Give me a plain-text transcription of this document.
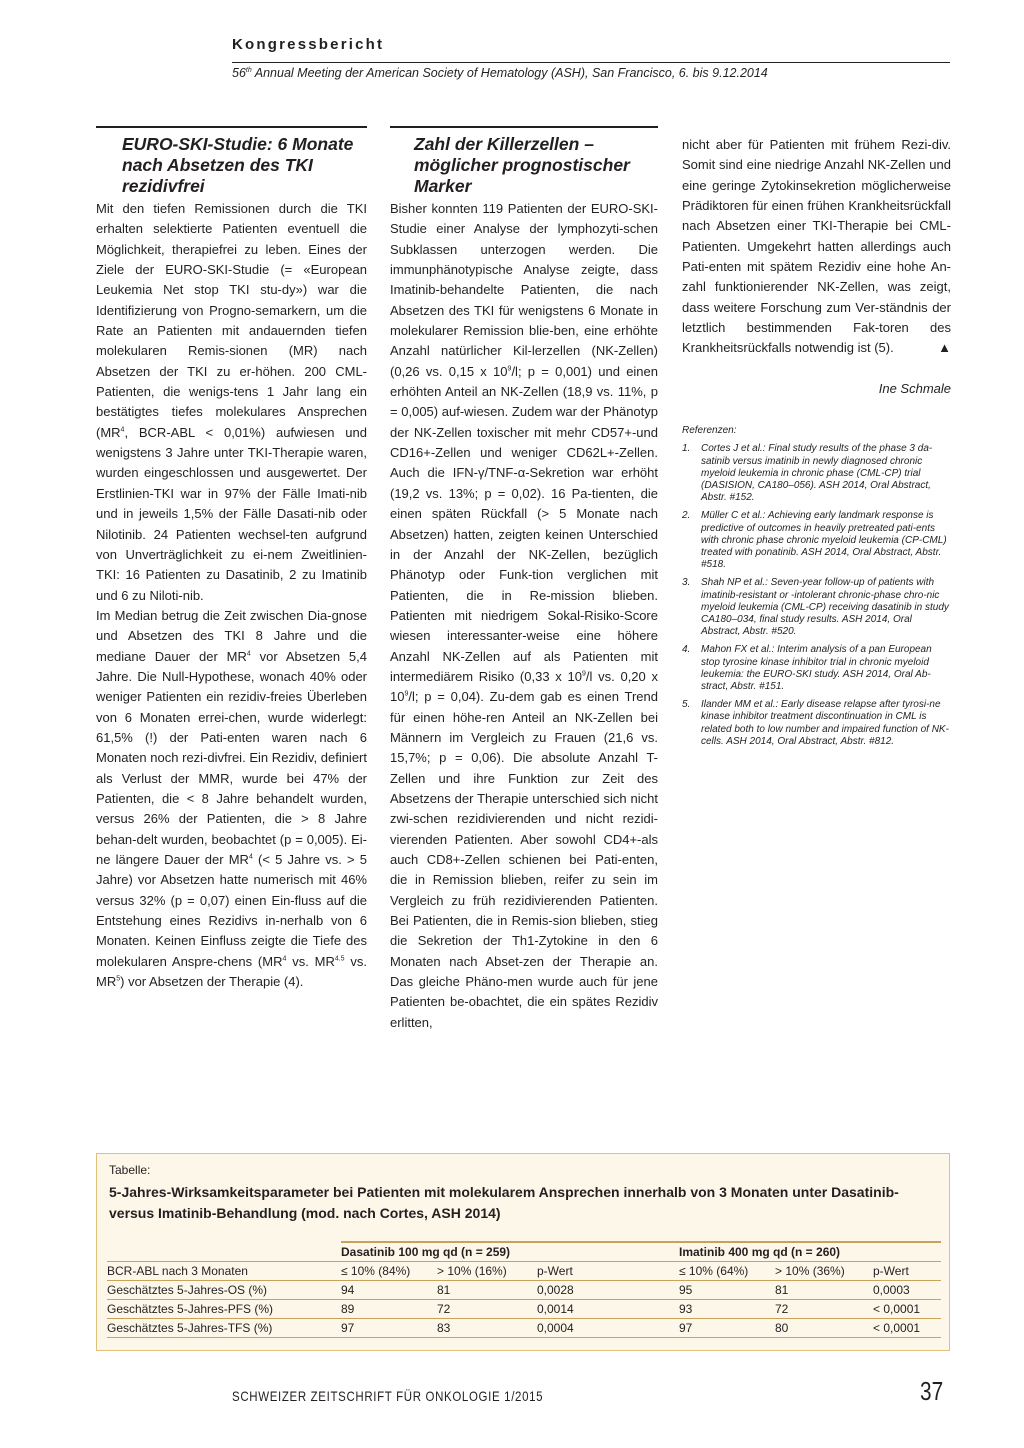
Kongressbericht
56th Annual Meeting der American Society of Hematology (ASH), San Francisco, 6. bis 9.12.2014
EURO-SKI-Studie: 6 Monate nach Absetzen des TKI rezidivfrei

Mit den tiefen Remissionen durch die TKI erhalten selektierte Patienten eventuell die Möglichkeit, therapiefrei zu leben. Eines der Ziele der EURO-SKI-Studie (= «European Leukemia Net stop TKI stu-dy») war die Identifizierung von Progno-semarkern, um die Rate an Patienten mit andauernden tiefen molekularen Remis-sionen (MR) nach Absetzen der TKI zu er-höhen. 200 CML-Patienten, die wenigs-tens 1 Jahr lang ein bestätigtes tiefes molekulares Ansprechen ($MR^4$, BCR-ABL < 0,01%) aufwiesen und wenigstens 3 Jahre unter TKI-Therapie waren, wurden eingeschlossen und ausgewertet. Der Erstlinien-TKI war in 97% der Fälle Imati-nib und in jeweils 1,5% der Fälle Dasati-nib oder Nilotinib. 24 Patienten wechsel-ten aufgrund von Unverträglichkeit zu ei-nem Zweitlinien-TKI: 16 Patienten zu Dasatinib, 2 zu Imatinib und 6 zu Niloti-nib.

Im Median betrug die Zeit zwischen Dia-gnose und Absetzen des TKI 8 Jahre und die mediane Dauer der $MR^4$ vor Absetzen 5,4 Jahre. Die Null-Hypothese, wonach 40% oder weniger Patienten ein rezidiv-freies Überleben von 6 Monaten errei-chen, wurde widerlegt: 61,5% (!) der Pati-enten waren nach 6 Monaten noch rezi-divfrei. Ein Rezidiv, definiert als Verlust der MMR, wurde bei 47% der Patienten, die < 8 Jahre behandelt wurden, versus 26% der Patienten, die > 8 Jahre behan-delt wurden, beobachtet (p = 0,005). Ei-ne längere Dauer der $MR^4$ (< 5 Jahre vs. > 5 Jahre) vor Absetzen hatte numerisch mit 46% versus 32% (p = 0,07) einen Ein-fluss auf die Entstehung eines Rezidivs in-nerhalb von 6 Monaten. Keinen Einfluss zeigte die Tiefe des molekularen Anspre-chens ($MR^4$ vs. $MR^{4.5}$ vs. $MR^5$) vor Absetzen der Therapie (4).

Zahl der Killerzellen – möglicher prognostischer Marker

Bisher konnten 119 Patienten der EURO-SKI-Studie einer Analyse der lymphozyti-schen Subklassen unterzogen werden. Die immunphänotypische Analyse zeigte, dass Imatinib-behandelte Patienten, die nach Absetzen des TKI für wenigstens 6 Monate in molekularer Remission blie-ben, eine erhöhte Anzahl natürlicher Kil-lerzellen (NK-Zellen) (0,26 vs. 0,15 x $10^9/l$; p = 0,001) und einen erhöhten Anteil an NK-Zellen (18,9 vs. 11%, p = 0,005) auf-wiesen. Zudem war der Phänotyp der NK-Zellen toxischer mit mehr CD57+-und CD16+-Zellen und weniger CD62L+-Zellen. Auch die IFN-γ/TNF-α-Sekretion war erhöht (19,2 vs. 13%; p = 0,02). 16 Pa-tienten, die einen späten Rückfall (> 5 Monate nach Absetzen) hatten, zeigten keinen Unterschied in der Anzahl der NK-Zellen, bezüglich Phänotyp oder Funk-tion verglichen mit Patienten, die in Re-mission blieben. Patienten mit niedrigem Sokal-Risiko-Score wiesen interessanter-weise eine höhere Anzahl NK-Zellen auf als Patienten mit intermediärem Risiko (0,33 x $10^9/l$ vs. 0,20 x $10^9/l$; p = 0,04). Zu-dem gab es einen Trend für einen höhe-ren Anteil an NK-Zellen bei Männern im Vergleich zu Frauen (21,6 vs. 15,7%; p = 0,06). Die absolute Anzahl T-Zellen und ihre Funktion zur Zeit des Absetzens der Therapie unterschied sich nicht zwi-schen rezidivierenden und nicht rezidi-vierenden Patienten. Aber sowohl CD4+-als auch CD8+-Zellen schienen bei Pati-enten, die in Remission blieben, reifer zu sein im Vergleich zu früh rezidivierenden Patienten. Bei Patienten, die in Remis-sion blieben, stieg die Sekretion der Th1-Zytokine in den 6 Monaten nach Abset-zen der Therapie an. Das gleiche Phäno-men wurde auch für jene Patienten be-obachtet, die ein spätes Rezidiv erlitten,

nicht aber für Patienten mit frühem Rezi-div. Somit sind eine niedrige Anzahl NK-Zellen und eine geringe Zytokinsekretion möglicherweise Prädiktoren für einen frühen Krankheitsrückfall nach Absetzen einer TKI-Therapie bei CML-Patienten. Umgekehrt hatten allerdings auch Pati-enten mit spätem Rezidiv eine hohe An-zahl funktionierender NK-Zellen, was zeigt, dass weitere Forschung zum Ver-ständnis der letztlich bestimmenden Fak-toren des Krankheitsrückfalls notwendig ist (5).	▲

Ine Schmale
Referenzen:
1. Cortes J et al.: Final study results of the phase 3 da-satinib versus imatinib in newly diagnosed chronic myeloid leukemia in chronic phase (CML-CP) trial (DASISION, CA180–056). ASH 2014, Oral Abstract, Abstr. #152.
2. Müller C et al.: Achieving early landmark response is predictive of outcomes in heavily pretreated pati-ents with chronic phase chronic myeloid leukemia (CP-CML) treated with ponatinib. ASH 2014, Oral Abstract, Abstr. #518.
3. Shah NP et al.: Seven-year follow-up of patients with imatinib-resistant or -intolerant chronic-phase chro-nic myeloid leukemia (CML-CP) receiving dasatinib in study CA180–034, final study results. ASH 2014, Oral Abstract, Abstr. #520.
4. Mahon FX et al.: Interim analysis of a pan European stop tyrosine kinase inhibitor trial in chronic myeloid leukemia: the EURO-SKI study. ASH 2014, Oral Ab-stract, Abstr. #151.
5. Ilander MM et al.: Early disease relapse after tyrosi-ne kinase inhibitor treatment discontinuation in CML is related both to low number and impaired function of NK-cells. ASH 2014, Oral Abstract, Abstr. #812.
Tabelle:
5-Jahres-Wirksamkeitsparameter bei Patienten mit molekularem Ansprechen innerhalb von 3 Monaten unter Dasatinib- versus Imatinib-Behandlung (mod. nach Cortes, ASH 2014)
	Dasatinib 100 mg qd (n = 259)			Imatinib 400 mg qd (n = 260)		
BCR-ABL nach 3 Monaten	≤ 10% (84%)	> 10% (16%)	p-Wert	≤ 10% (64%)	> 10% (36%)	p-Wert
Geschätztes 5-Jahres-OS (%)	94	81	0,0028	95	81	0,0003
Geschätztes 5-Jahres-PFS (%)	89	72	0,0014	93	72	< 0,0001
Geschätztes 5-Jahres-TFS (%)	97	83	0,0004	97	80	< 0,0001
SCHWEIZER ZEITSCHRIFT FÜR ONKOLOGIE 1/2015	37
